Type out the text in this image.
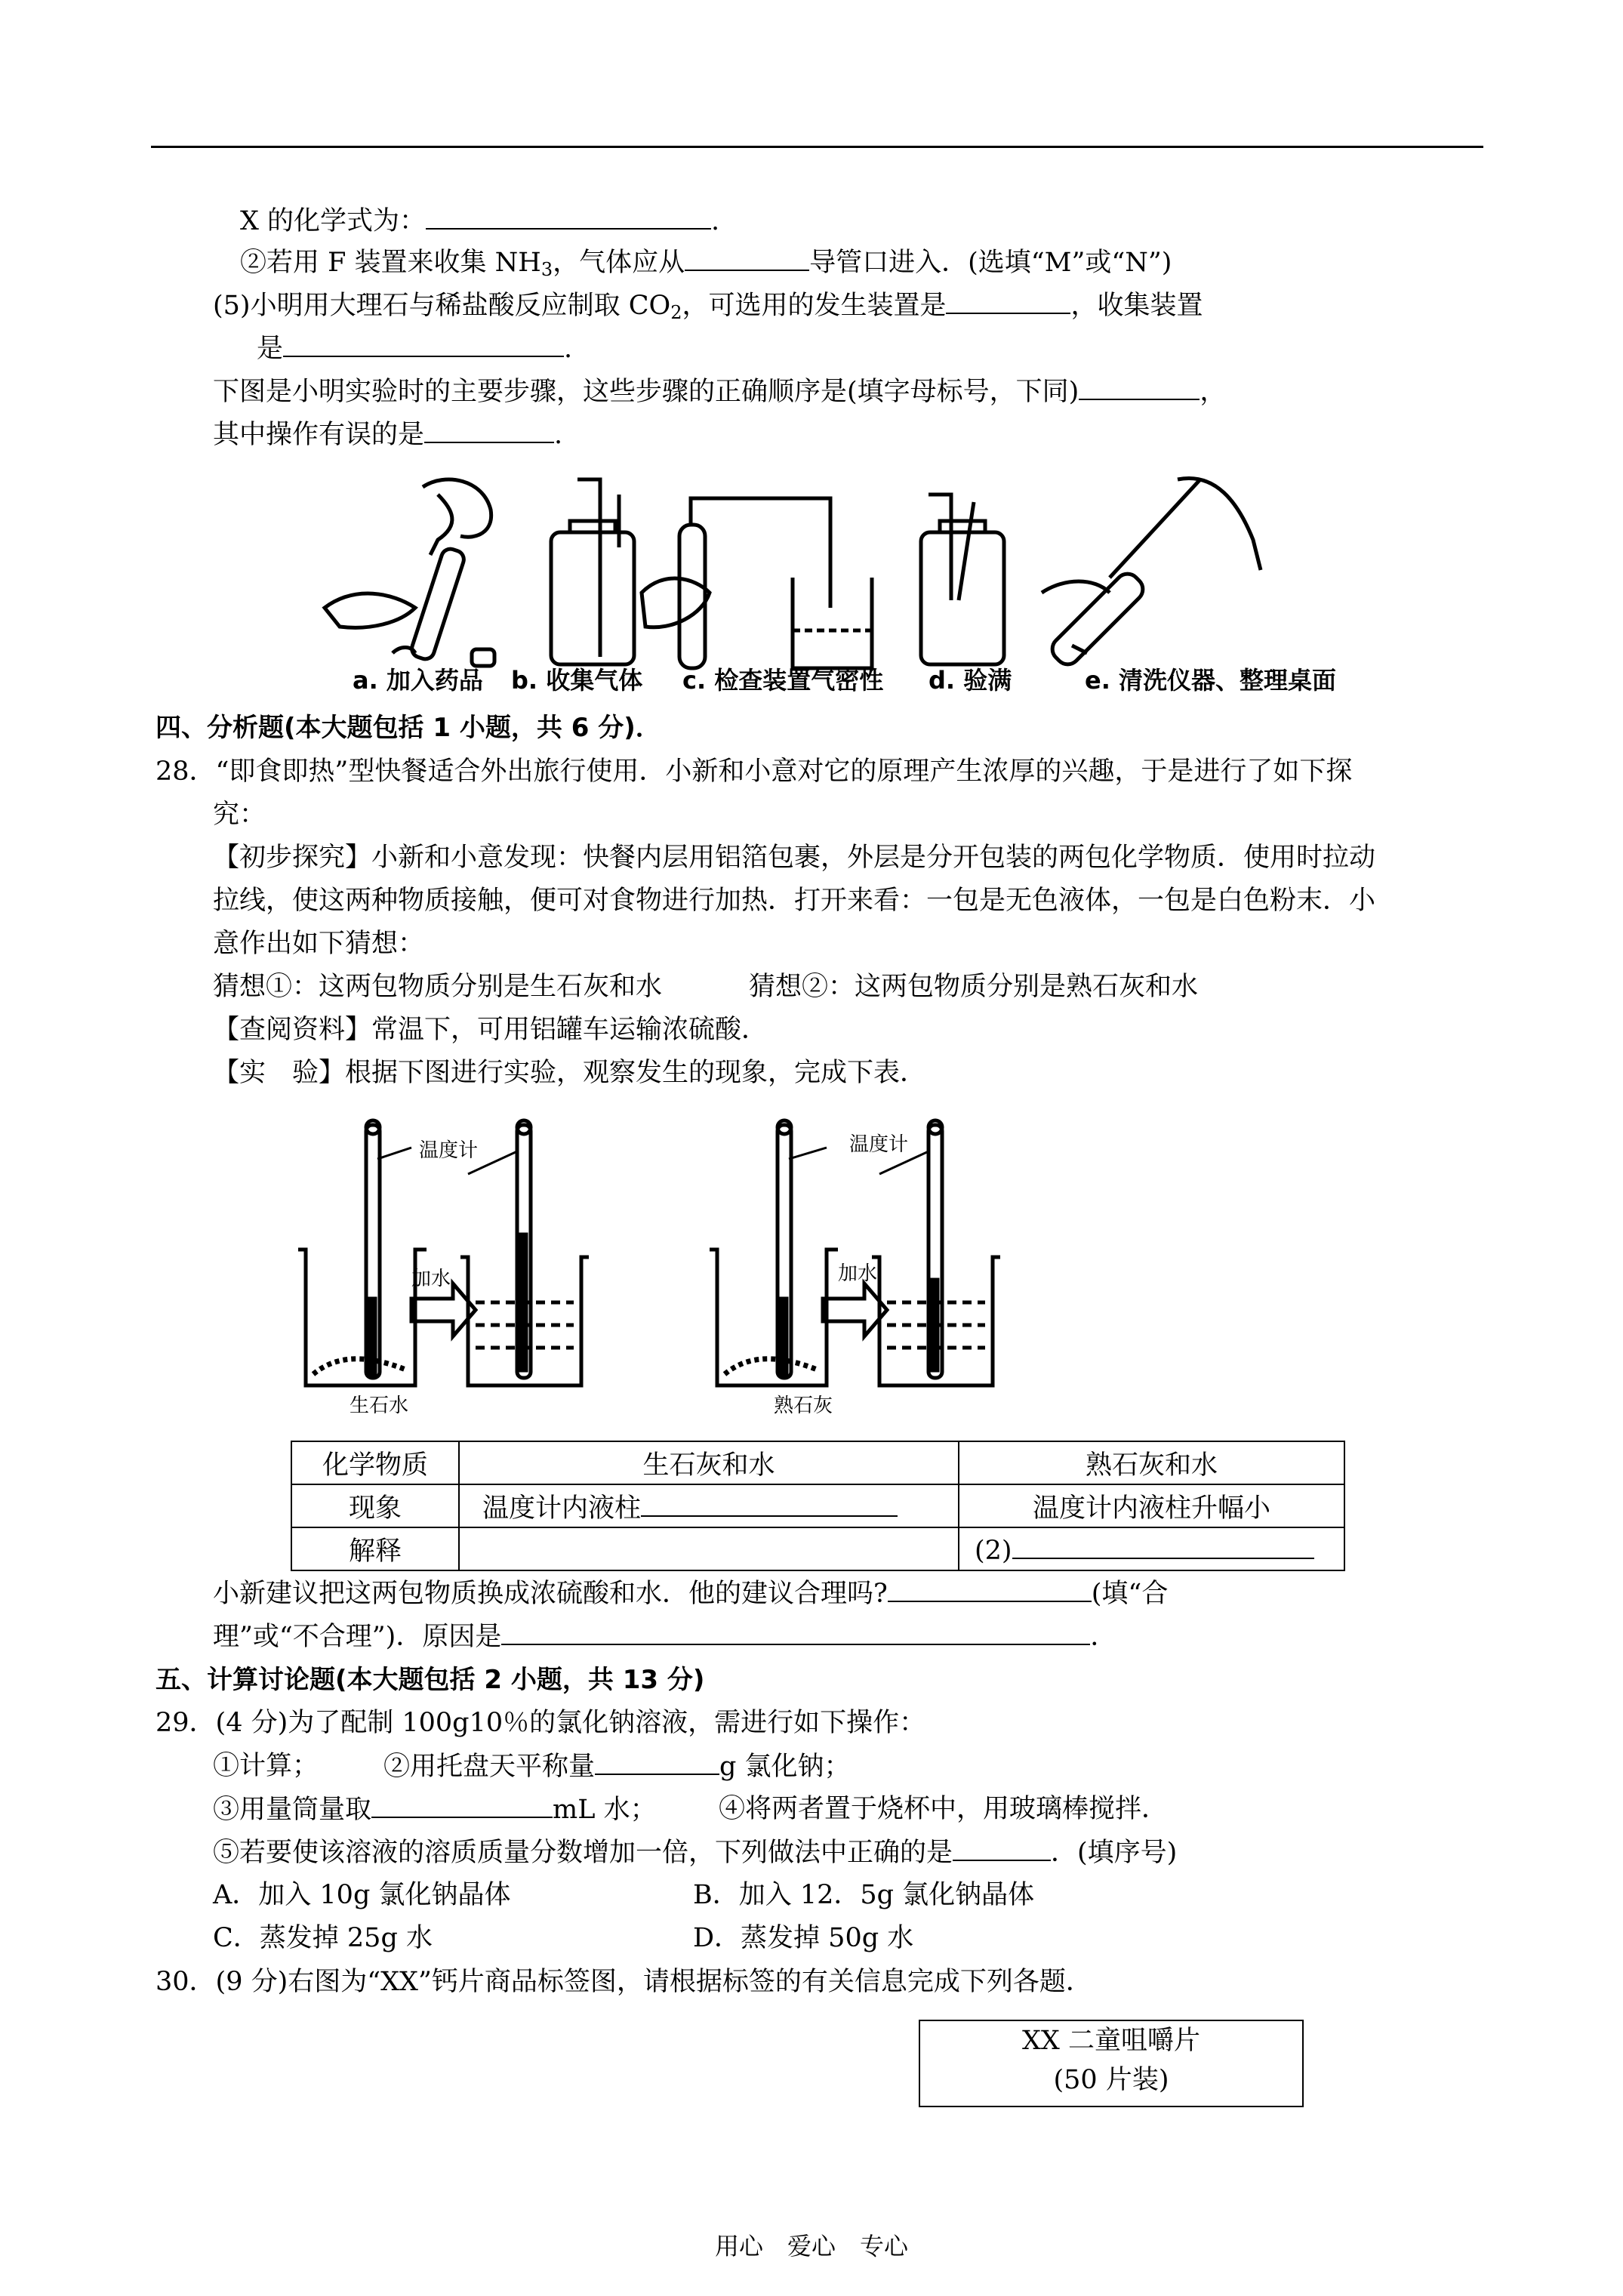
X 的化学式为：	.
②若用 F 装置来收集 $NH_3$，气体应从	导管口进入．(选填“M”或“N”)
(5)小明用大理石与稀盐酸反应制取 $CO_2$，可选用的发生装置是	，收集装置
是	.
下图是小明实验时的主要步骤，这些步骤的正确顺序是(填字母标号，下同)	，
其中操作有误的是	.
a. 加入药品 b. 收集气体 c. 检查装置气密性 d. 验满	e. 清洗仪器、整理桌面
四、分析题(本大题包括 1 小题，共 6 分)．
28．“即食即热”型快餐适合外出旅行使用．小新和小意对它的原理产生浓厚的兴趣，于是进行了如下探
究：
【初步探究】小新和小意发现：快餐内层用铝箔包裹，外层是分开包装的两包化学物质．使用时拉动
拉线，使这两种物质接触，便可对食物进行加热．打开来看：一包是无色液体，一包是白色粉末．小
意作出如下猜想：
猜想①：这两包物质分别是生石灰和水	猜想②：这两包物质分别是熟石灰和水
【查阅资料】常温下，可用铝罐车运输浓硫酸．
【实　验】根据下图进行实验，观察发生的现象，完成下表．
温度计	温度计
加水	加水
生石水	熟石灰
化学物质	生石灰和水	熟石灰和水
现象	温度计内液柱	温度计内液柱升幅小
解释		(2)
小新建议把这两包物质换成浓硫酸和水．他的建议合理吗?	(填“合
理”或“不合理”)．原因是	．
五、计算讨论题(本大题包括 2 小题，共 13 分)
29．(4 分)为了配制 100g10％的氯化钠溶液，需进行如下操作：
①计算； ②用托盘天平称量	g 氯化钠；
③用量筒量取	mL 水； ④将两者置于烧杯中，用玻璃棒搅拌．
⑤若要使该溶液的溶质质量分数增加一倍，下列做法中正确的是	．(填序号)
A．加入 10g 氯化钠晶体	B．加入 12．5g 氯化钠晶体
C．蒸发掉 25g 水	D．蒸发掉 50g 水
30．(9 分)右图为“XX”钙片商品标签图，请根据标签的有关信息完成下列各题．
XX 二童咀嚼片
(50 片装)
用心　爱心　专心
